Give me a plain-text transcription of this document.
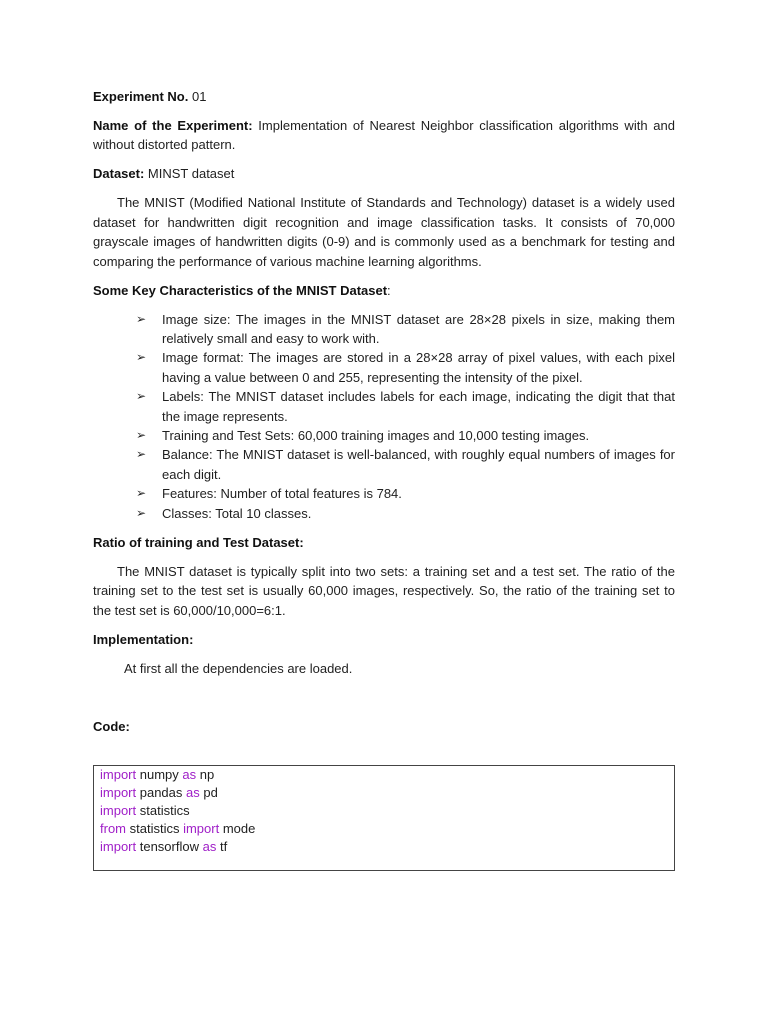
Experiment No. 01

Name of the Experiment: Implementation of Nearest Neighbor classification algorithms with and without distorted pattern.

Dataset: MINST dataset

The MNIST (Modified National Institute of Standards and Technology) dataset is a widely used dataset for handwritten digit recognition and image classification tasks. It consists of 70,000 grayscale images of handwritten digits (0-9) and is commonly used as a benchmark for testing and comparing the performance of various machine learning algorithms.

Some Key Characteristics of the MNIST Dataset:

➢ Image size: The images in the MNIST dataset are 28×28 pixels in size, making them relatively small and easy to work with.
➢ Image format: The images are stored in a 28×28 array of pixel values, with each pixel having a value between 0 and 255, representing the intensity of the pixel.
➢ Labels: The MNIST dataset includes labels for each image, indicating the digit that that the image represents.
➢ Training and Test Sets: 60,000 training images and 10,000 testing images.
➢ Balance: The MNIST dataset is well-balanced, with roughly equal numbers of images for each digit.
➢ Features: Number of total features is 784.
➢ Classes: Total 10 classes.

Ratio of training and Test Dataset:

The MNIST dataset is typically split into two sets: a training set and a test set. The ratio of the training set to the test set is usually 60,000 images, respectively. So, the ratio of the training set to the test set is 60,000/10,000=6:1.

Implementation:

At first all the dependencies are loaded.

Code:

import numpy as np
import pandas as pd
import statistics
from statistics import mode
import tensorflow as tf
